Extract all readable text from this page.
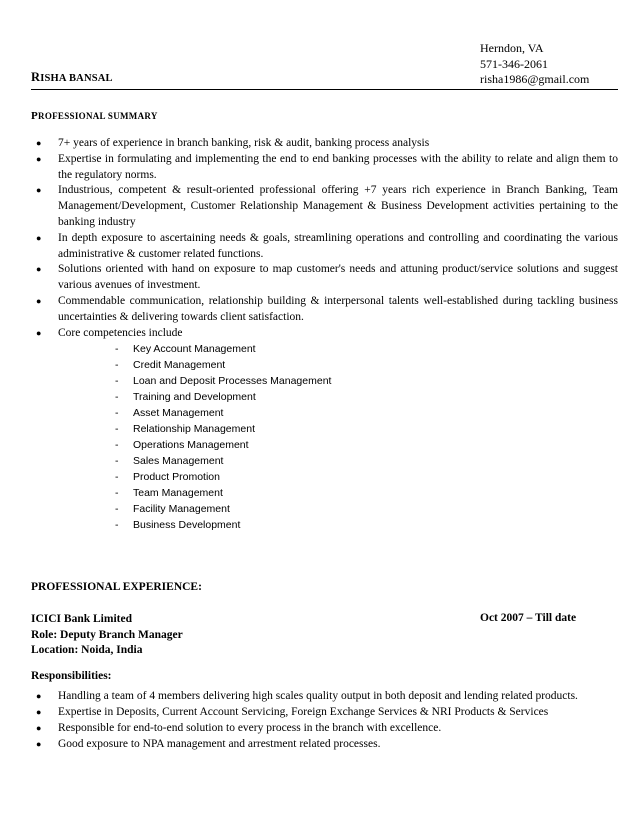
Herndon, VA
571-346-2061
risha1986@gmail.com
RISHA BANSAL
PROFESSIONAL SUMMARY
● 7+ years of experience in branch banking, risk & audit, banking process analysis
● Expertise in formulating and implementing the end to end banking processes with the ability to relate and align them to the regulatory norms.
● Industrious, competent & result-oriented professional offering +7 years rich experience in Branch Banking, Team Management/Development, Customer Relationship Management & Business Development activities pertaining to the banking industry
● In depth exposure to ascertaining needs & goals, streamlining operations and controlling and coordinating the various administrative & customer related functions.
● Solutions oriented with hand on exposure to map customer's needs and attuning product/service solutions and suggest various avenues of investment.
● Commendable communication, relationship building & interpersonal talents well-established during tackling business uncertainties & delivering towards client satisfaction.
● Core competencies include
- Key Account Management
- Credit Management
- Loan and Deposit Processes Management
- Training and Development
- Asset Management
- Relationship Management
- Operations Management
- Sales Management
- Product Promotion
- Team Management
- Facility Management
- Business Development
PROFESSIONAL EXPERIENCE:
ICICI Bank Limited
Role: Deputy Branch Manager
Location: Noida, India
Oct 2007 – Till date
Responsibilities:
● Handling a team of 4 members delivering high scales quality output in both deposit and lending related products.
● Expertise in Deposits, Current Account Servicing, Foreign Exchange Services & NRI Products & Services
● Responsible for end-to-end solution to every process in the branch with excellence.
● Good exposure to NPA management and arrestment related processes.
